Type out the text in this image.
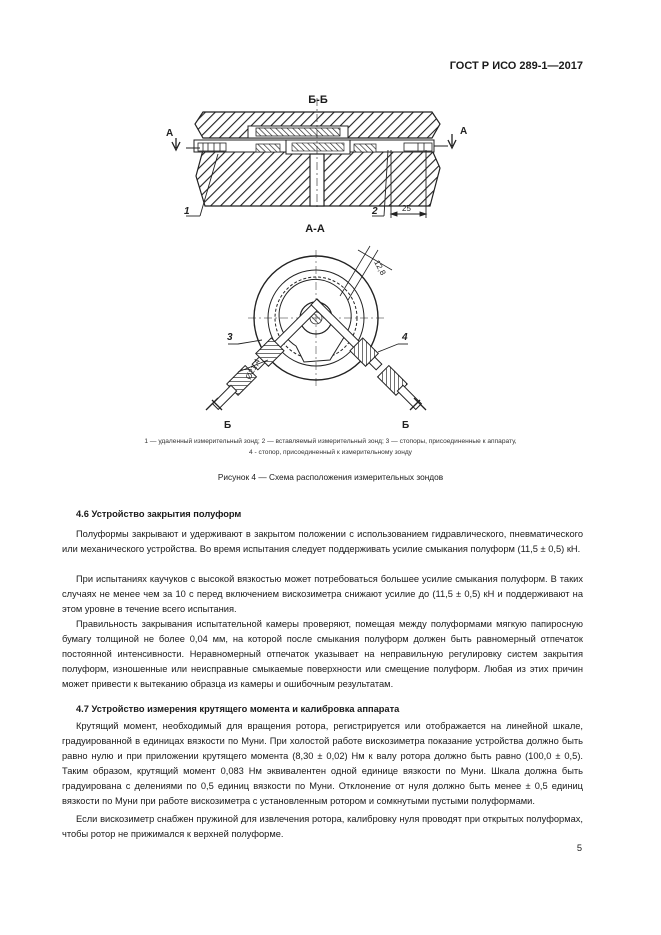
ГОСТ Р ИСО 289-1—2017
Б-Б
А	А
1	2	25
А-А
12,8
Ø21,4
3	4
Б	Б
1 — удаленный измерительный зонд; 2 — вставляемый измерительный зонд; 3 — стопоры, присоединенные к аппарату,
4 - стопор, присоединенный к измерительному зонду
Рисунок 4 — Схема расположения измерительных зондов
4.6 Устройство закрытия полуформ

Полуформы закрывают и удерживают в закрытом положении с использованием гидравлического, пневматического или механического устройства. Во время испытания следует поддерживать усилие смыкания полуформ (11,5 ± 0,5) кН.

При испытаниях каучуков с высокой вязкостью может потребоваться большее усилие смыкания полуформ. В таких случаях не менее чем за 10 с перед включением вискозиметра снижают усилие до (11,5 ± 0,5) кН и поддерживают на этом уровне в течение всего испытания.

Правильность закрывания испытательной камеры проверяют, помещая между полуформами мягкую папиросную бумагу толщиной не более 0,04 мм, на которой после смыкания полуформ должен быть равномерный отпечаток постоянной интенсивности. Неравномерный отпечаток указывает на неправильную регулировку систем закрытия полуформ, изношенные или неисправные смыкаемые поверхности или смещение полуформ. Любая из этих причин может привести к вытеканию образца из камеры и ошибочным результатам.

4.7 Устройство измерения крутящего момента и калибровка аппарата

Крутящий момент, необходимый для вращения ротора, регистрируется или отображается на линейной шкале, градуированной в единицах вязкости по Муни. При холостой работе вискозиметра показание устройства должно быть равно нулю и при приложении крутящего момента (8,30 ± 0,02) Нм к валу ротора должно быть равно (100,0 ± 0,5). Таким образом, крутящий момент 0,083 Нм эквивалентен одной единице вязкости по Муни. Шкала должна быть градуирована с делениями по 0,5 единиц вязкости по Муни. Отклонение от нуля должно быть менее ± 0,5 единиц вязкости по Муни при работе вискозиметра с установленным ротором и сомкнутыми пустыми полуформами.

Если вискозиметр снабжен пружиной для извлечения ротора, калибровку нуля проводят при открытых полуформах, чтобы ротор не прижимался к верхней полуформе.

5
